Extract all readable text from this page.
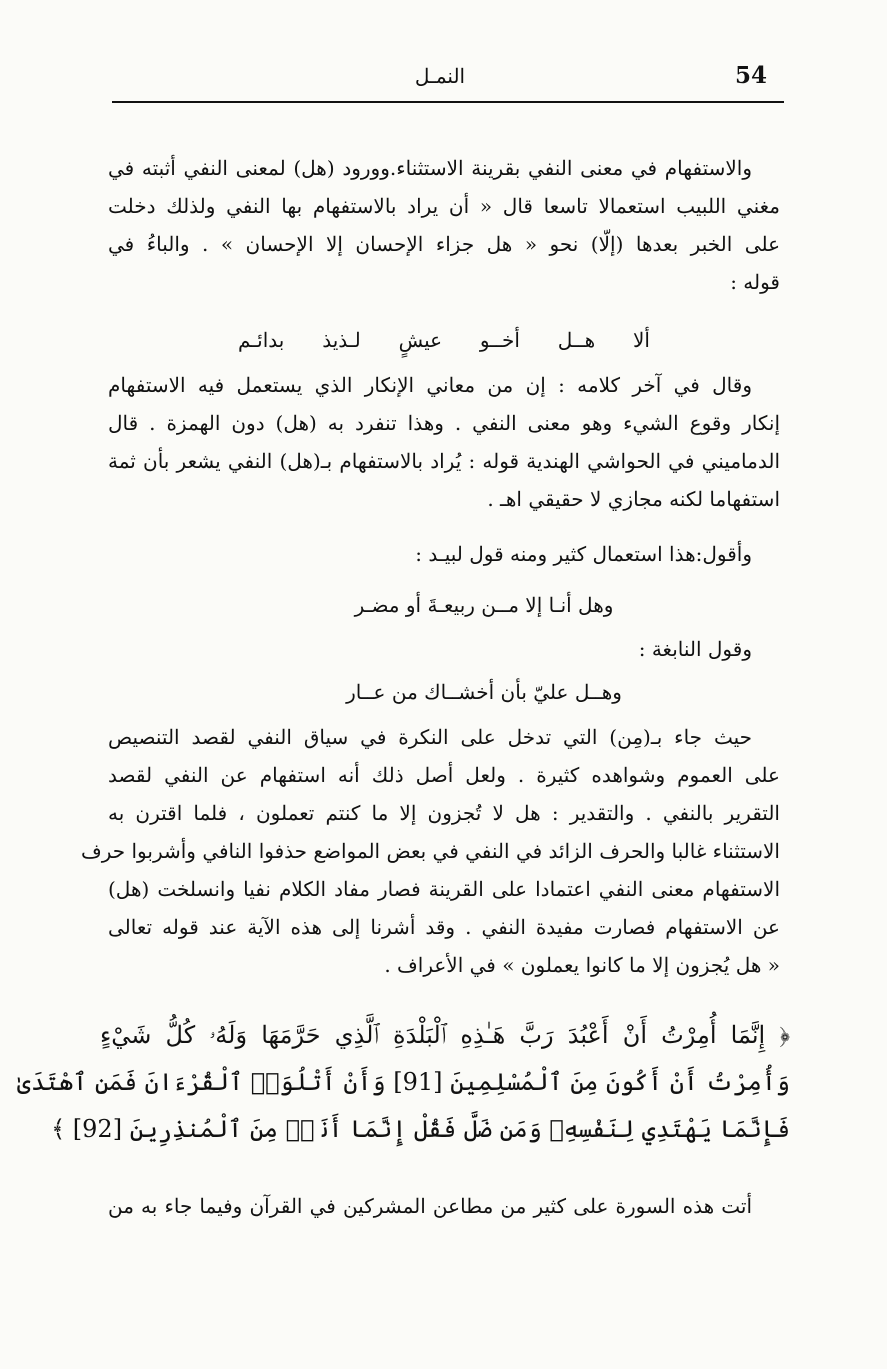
54
النمـل
والاستفهام في معنى النفي بقرينة الاستثناء.وورود (هل) لمعنى النفي أثبته في
مغني اللبيب استعمالا تاسعا قال « أن يراد بالاستفهام بها النفي ولذلك دخلت
على الخبر بعدها (إلّا) نحو « هل جزاء الإحسان إلا الإحسان » . والباءُ في
قوله :
ألا هــل أخــو عيشٍ لـذيذ بدائـم
وقال في آخر كلامه : إن من معاني الإنكار الذي يستعمل فيه الاستفهام
إنكار وقوع الشيء وهو معنى النفي . وهذا تنفرد به (هل) دون الهمزة . قال
الدماميني في الحواشي الهندية قوله : يُراد بالاستفهام بـ(هل) النفي يشعر بأن ثمة
استفهاما لكنه مجازي لا حقيقي اهـ .
وأقول:هذا استعمال كثير ومنه قول لبيـد :
وهل أنـا إلا مــن ربيعـةَ أو مضـر
وقول النابغة :
وهــل عليّ بأن أخشــاك من عــار
حيث جاء بـ(مِن) التي تدخل على النكرة في سياق النفي لقصد التنصيص
على العموم وشواهده كثيرة . ولعل أصل ذلك أنه استفهام عن النفي لقصد
التقرير بالنفي . والتقدير : هل لا تُجزون إلا ما كنتم تعملون ، فلما اقترن به
الاستثناء غالبا والحرف الزائد في النفي في بعض المواضع حذفوا النافي وأشربوا حرف
الاستفهام معنى النفي اعتمادا على القرينة فصار مفاد الكلام نفيا وانسلخت (هل)
عن الاستفهام فصارت مفيدة النفي . وقد أشرنا إلى هذه الآية عند قوله تعالى
« هل يُجزون إلا ما كانوا يعملون » في الأعراف .
﴿ إِنَّمَا أُمِرْتُ أَنْ أَعْبُدَ رَبَّ هَـٰذِهِ ٱلْبَلْدَةِ ٱلَّذِي حَرَّمَهَا وَلَهُۥ كُلُّ شَيْءٍ
وَأُمِرْتُ أَنْ أَكُونَ مِنَ ٱلْمُسْلِمِينَ [91] وَأَنْ أَتْلُوَا۟ ٱلْقُرْءَانَ فَمَنِ ٱهْتَدَىٰ
فَإِنَّمَا يَهْتَدِي لِنَفْسِهِۦ وَمَن ضَلَّ فَقُلْ إِنَّمَا أَنَا۠ مِنَ ٱلْمُنذِرِينَ [92] ﴾
أتت هذه السورة على كثير من مطاعن المشركين في القرآن وفيما جاء به من
